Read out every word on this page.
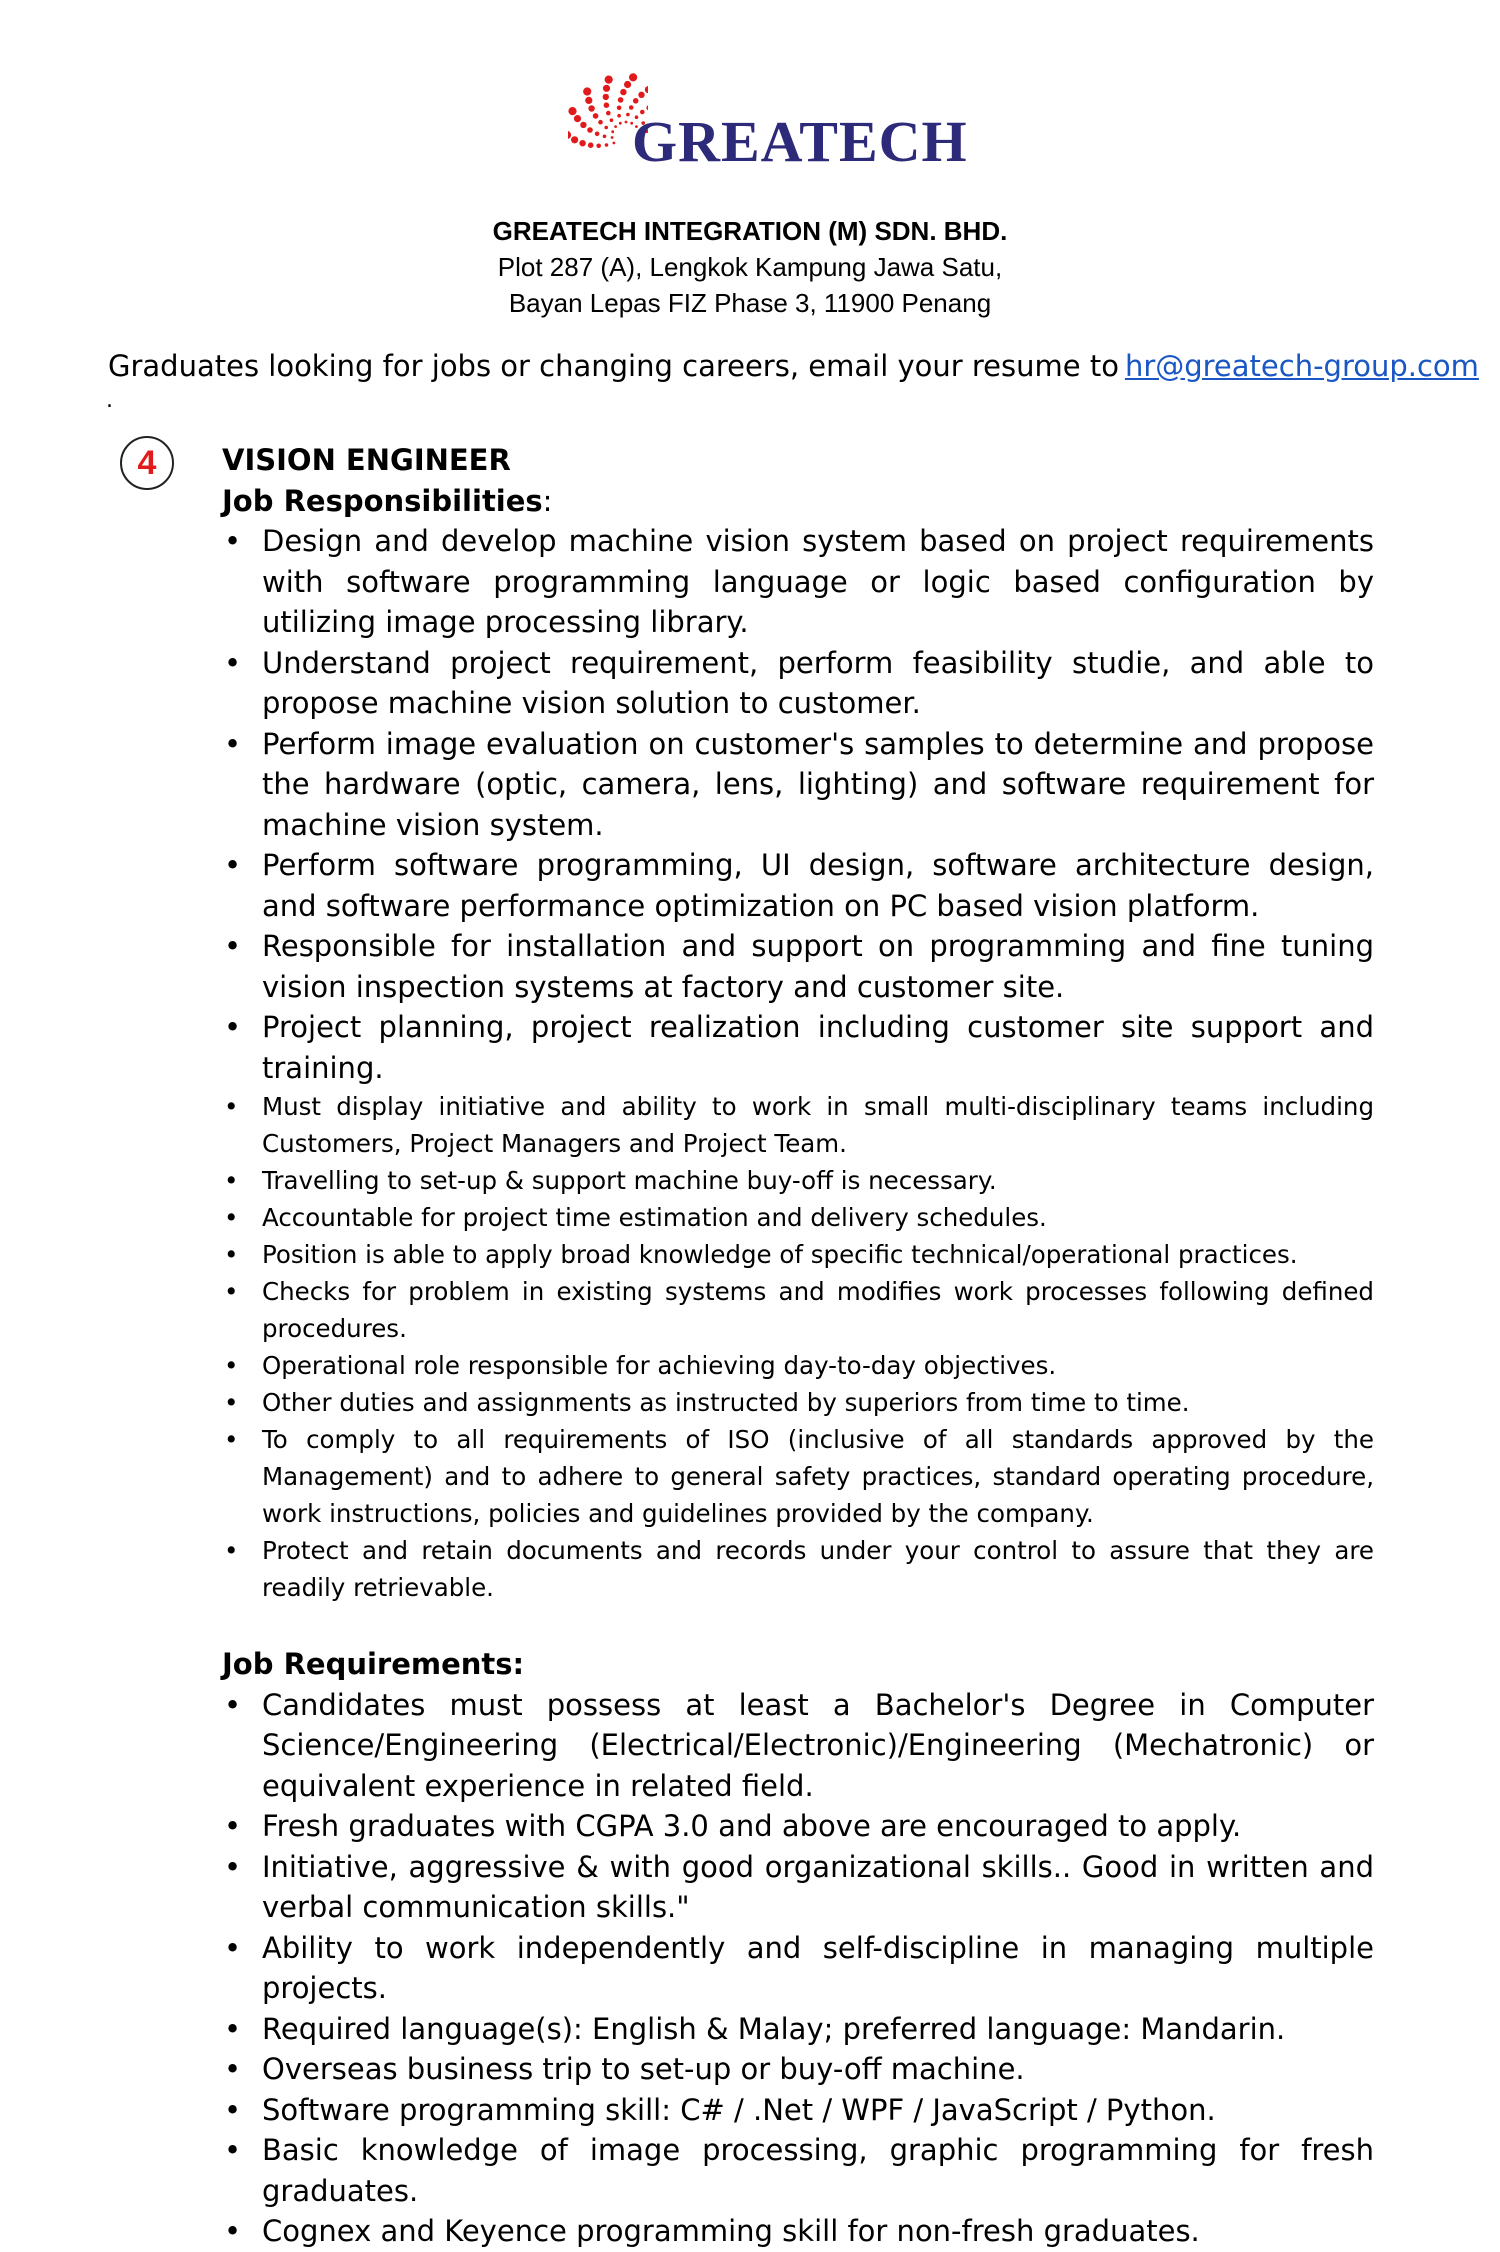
GREATECH
GREATECH INTEGRATION (M) SDN. BHD.
Plot 287 (A), Lengkok Kampung Jawa Satu,
Bayan Lepas FIZ Phase 3, 11900 Penang
Graduates looking for jobs or changing careers, email your resume to hr@greatech-group.com
.
4	VISION ENGINEER

Job Responsibilities:

• Design and develop machine vision system based on project requirements with software programming language or logic based configuration by utilizing image processing library.
• Understand project requirement, perform feasibility studie, and able to propose machine vision solution to customer.
• Perform image evaluation on customer's samples to determine and propose the hardware (optic, camera, lens, lighting) and software requirement for machine vision system.
• Perform software programming, UI design, software architecture design, and software performance optimization on PC based vision platform.
• Responsible for installation and support on programming and fine tuning vision inspection systems at factory and customer site.
• Project planning, project realization including customer site support and training.
• Must display initiative and ability to work in small multi-disciplinary teams including Customers, Project Managers and Project Team.
• Travelling to set-up & support machine buy-off is necessary.
• Accountable for project time estimation and delivery schedules.
• Position is able to apply broad knowledge of specific technical/operational practices.
• Checks for problem in existing systems and modifies work processes following defined procedures.
• Operational role responsible for achieving day-to-day objectives.
• Other duties and assignments as instructed by superiors from time to time.
• To comply to all requirements of ISO (inclusive of all standards approved by the Management) and to adhere to general safety practices, standard operating procedure, work instructions, policies and guidelines provided by the company.
• Protect and retain documents and records under your control to assure that they are readily retrievable.

Job Requirements:

• Candidates must possess at least a Bachelor's Degree in Computer Science/Engineering (Electrical/Electronic)/Engineering (Mechatronic) or equivalent experience in related field.
• Fresh graduates with CGPA 3.0 and above are encouraged to apply.
• Initiative, aggressive & with good organizational skills.. Good in written and verbal communication skills."
• Ability to work independently and self-discipline in managing multiple projects.
• Required language(s): English & Malay; preferred language: Mandarin.
• Overseas business trip to set-up or buy-off machine.
• Software programming skill: C# / .Net / WPF / JavaScript / Python.
• Basic knowledge of image processing, graphic programming for fresh graduates.
• Cognex and Keyence programming skill for non-fresh graduates.
